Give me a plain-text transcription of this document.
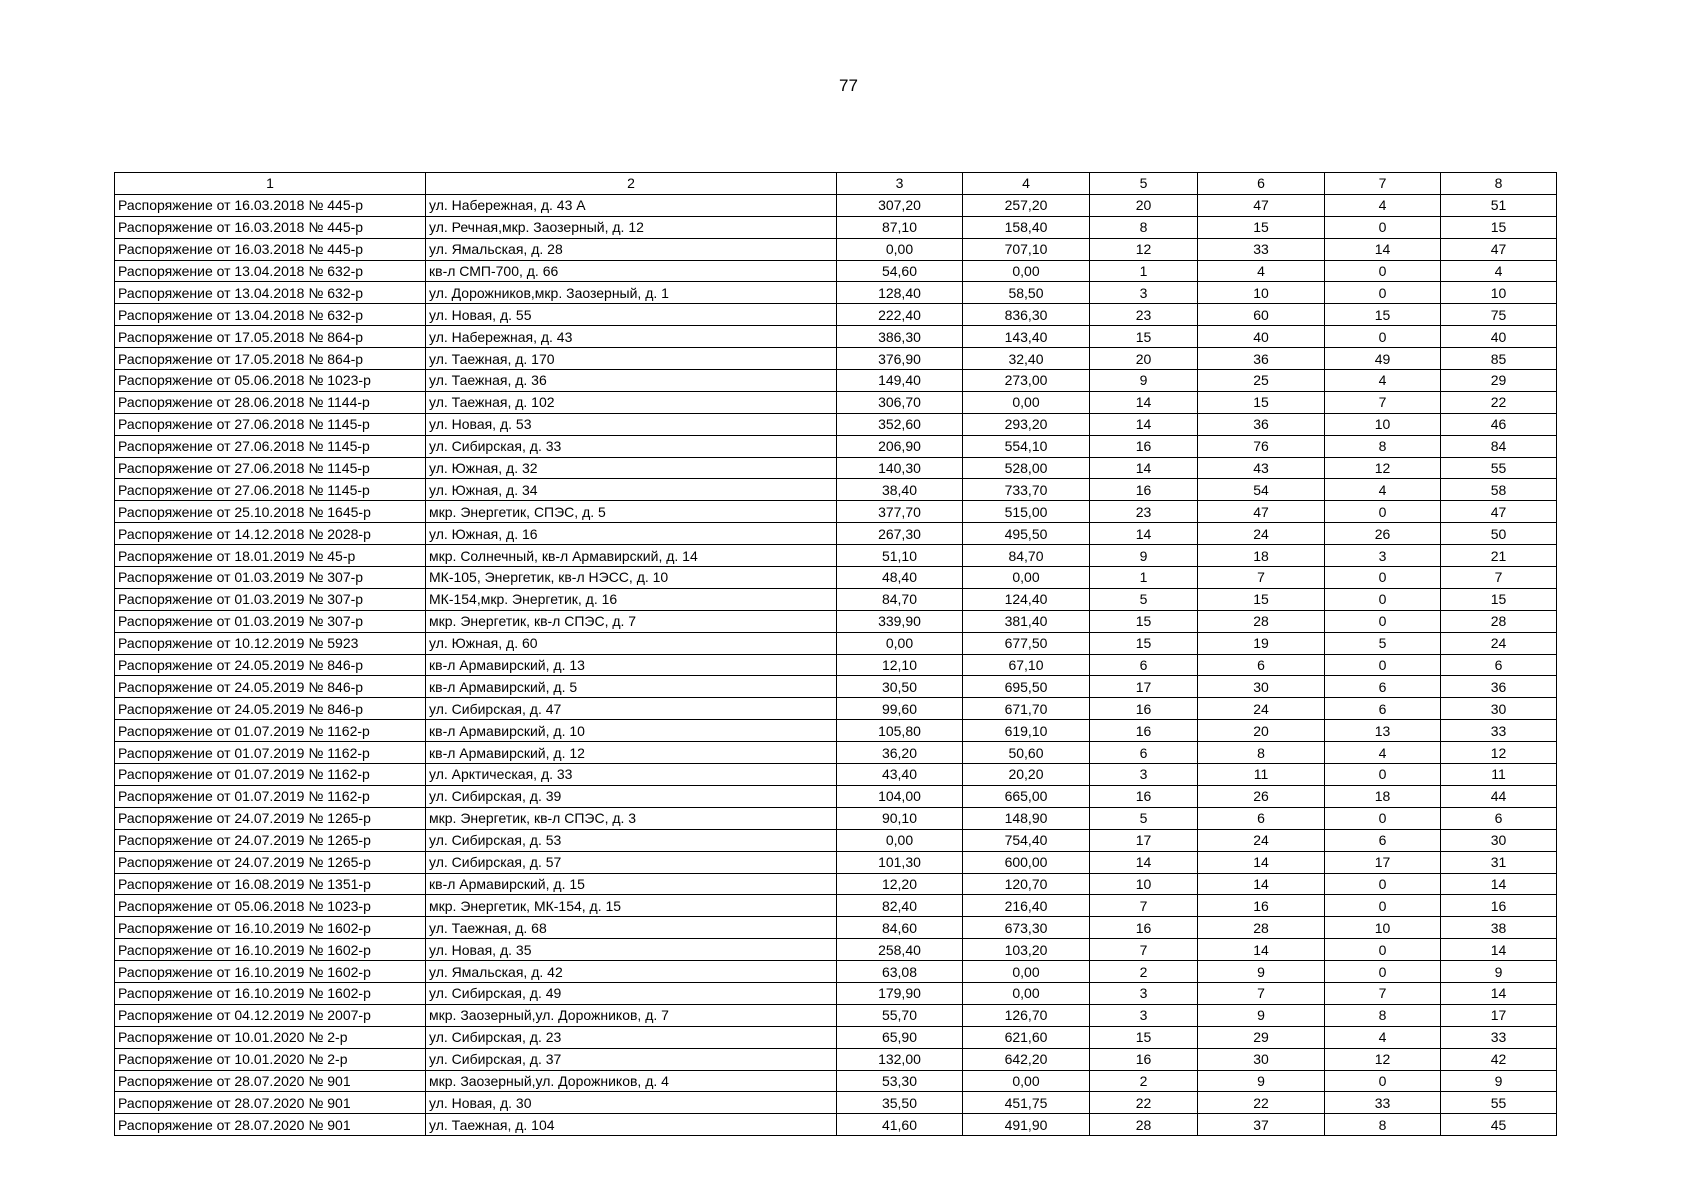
77
1	2	3	4	5	6	7	8
Распоряжение от 16.03.2018 № 445-р	ул. Набережная, д. 43 А	307,20	257,20	20	47	4	51
Распоряжение от 16.03.2018 № 445-р	ул. Речная,мкр. Заозерный, д. 12	87,10	158,40	8	15	0	15
Распоряжение от 16.03.2018 № 445-р	ул. Ямальская, д. 28	0,00	707,10	12	33	14	47
Распоряжение от 13.04.2018 № 632-р	кв-л СМП-700, д. 66	54,60	0,00	1	4	0	4
Распоряжение от 13.04.2018 № 632-р	ул. Дорожников,мкр. Заозерный, д. 1	128,40	58,50	3	10	0	10
Распоряжение от 13.04.2018 № 632-р	ул. Новая, д. 55	222,40	836,30	23	60	15	75
Распоряжение от 17.05.2018 № 864-р	ул. Набережная, д. 43	386,30	143,40	15	40	0	40
Распоряжение от 17.05.2018 № 864-р	ул. Таежная, д. 170	376,90	32,40	20	36	49	85
Распоряжение от 05.06.2018 № 1023-р	ул. Таежная, д. 36	149,40	273,00	9	25	4	29
Распоряжение от 28.06.2018 № 1144-р	ул. Таежная, д. 102	306,70	0,00	14	15	7	22
Распоряжение от 27.06.2018 № 1145-р	ул. Новая, д. 53	352,60	293,20	14	36	10	46
Распоряжение от 27.06.2018 № 1145-р	ул. Сибирская, д. 33	206,90	554,10	16	76	8	84
Распоряжение от 27.06.2018 № 1145-р	ул. Южная, д. 32	140,30	528,00	14	43	12	55
Распоряжение от 27.06.2018 № 1145-р	ул. Южная, д. 34	38,40	733,70	16	54	4	58
Распоряжение от 25.10.2018 № 1645-р	мкр. Энергетик, СПЭС, д. 5	377,70	515,00	23	47	0	47
Распоряжение от 14.12.2018 № 2028-р	ул. Южная, д. 16	267,30	495,50	14	24	26	50
Распоряжение от 18.01.2019 № 45-р	мкр. Солнечный, кв-л Армавирский, д. 14	51,10	84,70	9	18	3	21
Распоряжение от 01.03.2019 № 307-р	МК-105, Энергетик, кв-л НЭСС, д. 10	48,40	0,00	1	7	0	7
Распоряжение от 01.03.2019 № 307-р	МК-154,мкр. Энергетик, д. 16	84,70	124,40	5	15	0	15
Распоряжение от 01.03.2019 № 307-р	мкр. Энергетик, кв-л СПЭС, д. 7	339,90	381,40	15	28	0	28
Распоряжение от 10.12.2019 № 5923	ул. Южная, д. 60	0,00	677,50	15	19	5	24
Распоряжение от 24.05.2019 № 846-р	кв-л Армавирский, д. 13	12,10	67,10	6	6	0	6
Распоряжение от 24.05.2019 № 846-р	кв-л Армавирский, д. 5	30,50	695,50	17	30	6	36
Распоряжение от 24.05.2019 № 846-р	ул. Сибирская, д. 47	99,60	671,70	16	24	6	30
Распоряжение от 01.07.2019 № 1162-р	кв-л Армавирский, д. 10	105,80	619,10	16	20	13	33
Распоряжение от 01.07.2019 № 1162-р	кв-л Армавирский, д. 12	36,20	50,60	6	8	4	12
Распоряжение от 01.07.2019 № 1162-р	ул. Арктическая, д. 33	43,40	20,20	3	11	0	11
Распоряжение от 01.07.2019 № 1162-р	ул. Сибирская, д. 39	104,00	665,00	16	26	18	44
Распоряжение от 24.07.2019 № 1265-р	мкр. Энергетик, кв-л СПЭС, д. 3	90,10	148,90	5	6	0	6
Распоряжение от 24.07.2019 № 1265-р	ул. Сибирская, д. 53	0,00	754,40	17	24	6	30
Распоряжение от 24.07.2019 № 1265-р	ул. Сибирская, д. 57	101,30	600,00	14	14	17	31
Распоряжение от 16.08.2019 № 1351-р	кв-л Армавирский, д. 15	12,20	120,70	10	14	0	14
Распоряжение от 05.06.2018 № 1023-р	мкр. Энергетик, МК-154, д. 15	82,40	216,40	7	16	0	16
Распоряжение от 16.10.2019 № 1602-р	ул. Таежная, д. 68	84,60	673,30	16	28	10	38
Распоряжение от 16.10.2019 № 1602-р	ул. Новая, д. 35	258,40	103,20	7	14	0	14
Распоряжение от 16.10.2019 № 1602-р	ул. Ямальская, д. 42	63,08	0,00	2	9	0	9
Распоряжение от 16.10.2019 № 1602-р	ул. Сибирская, д. 49	179,90	0,00	3	7	7	14
Распоряжение от 04.12.2019 № 2007-р	мкр. Заозерный,ул. Дорожников, д. 7	55,70	126,70	3	9	8	17
Распоряжение от 10.01.2020 № 2-р	ул. Сибирская, д. 23	65,90	621,60	15	29	4	33
Распоряжение от 10.01.2020 № 2-р	ул. Сибирская, д. 37	132,00	642,20	16	30	12	42
Распоряжение от 28.07.2020 № 901	мкр. Заозерный,ул. Дорожников, д. 4	53,30	0,00	2	9	0	9
Распоряжение от 28.07.2020 № 901	ул. Новая, д. 30	35,50	451,75	22	22	33	55
Распоряжение от 28.07.2020 № 901	ул. Таежная, д. 104	41,60	491,90	28	37	8	45
